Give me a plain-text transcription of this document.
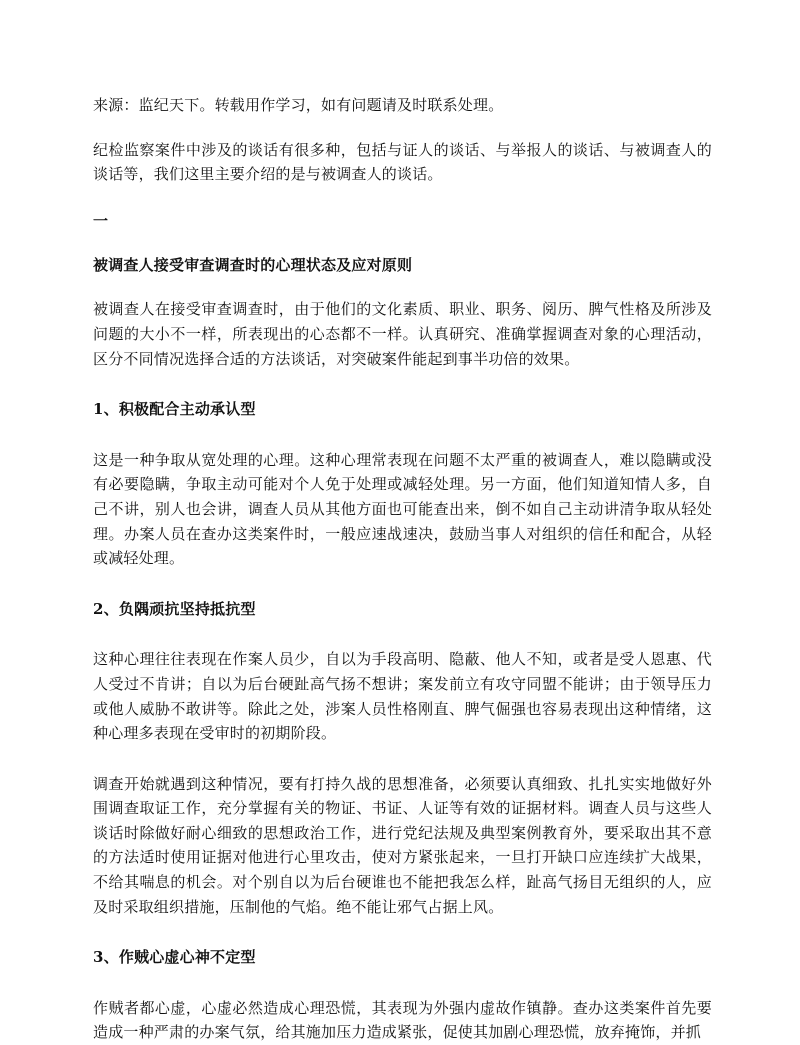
来源：监纪天下。转载用作学习，如有问题请及时联系处理。

纪检监察案件中涉及的谈话有很多种，包括与证人的谈话、与举报人的谈话、与被调查人的谈话等，我们这里主要介绍的是与被调查人的谈话。

一

被调查人接受审查调查时的心理状态及应对原则

被调查人在接受审查调查时，由于他们的文化素质、职业、职务、阅历、脾气性格及所涉及问题的大小不一样，所表现出的心态都不一样。认真研究、准确掌握调查对象的心理活动，区分不同情况选择合适的方法谈话，对突破案件能起到事半功倍的效果。

1、积极配合主动承认型

这是一种争取从宽处理的心理。这种心理常表现在问题不太严重的被调查人，难以隐瞒或没有必要隐瞒，争取主动可能对个人免于处理或减轻处理。另一方面，他们知道知情人多，自己不讲，别人也会讲，调查人员从其他方面也可能查出来，倒不如自己主动讲清争取从轻处理。办案人员在查办这类案件时，一般应速战速决，鼓励当事人对组织的信任和配合，从轻或减轻处理。

2、负隅顽抗坚持抵抗型

这种心理往往表现在作案人员少，自以为手段高明、隐蔽、他人不知，或者是受人恩惠、代人受过不肯讲；自以为后台硬趾高气扬不想讲；案发前立有攻守同盟不能讲；由于领导压力或他人威胁不敢讲等。除此之处，涉案人员性格刚直、脾气倔强也容易表现出这种情绪，这种心理多表现在受审时的初期阶段。

调查开始就遇到这种情况，要有打持久战的思想准备，必须要认真细致、扎扎实实地做好外围调查取证工作，充分掌握有关的物证、书证、人证等有效的证据材料。调查人员与这些人谈话时除做好耐心细致的思想政治工作，进行党纪法规及典型案例教育外，要采取出其不意的方法适时使用证据对他进行心里攻击，使对方紧张起来，一旦打开缺口应连续扩大战果，不给其喘息的机会。对个别自以为后台硬谁也不能把我怎么样，趾高气扬目无组织的人，应及时采取组织措施，压制他的气焰。绝不能让邪气占据上风。

3、作贼心虚心神不定型

作贼者都心虚，心虚必然造成心理恐慌，其表现为外强内虚故作镇静。查办这类案件首先要造成一种严肃的办案气氛，给其施加压力造成紧张，促使其加剧心理恐慌，放弃掩饰，并抓
